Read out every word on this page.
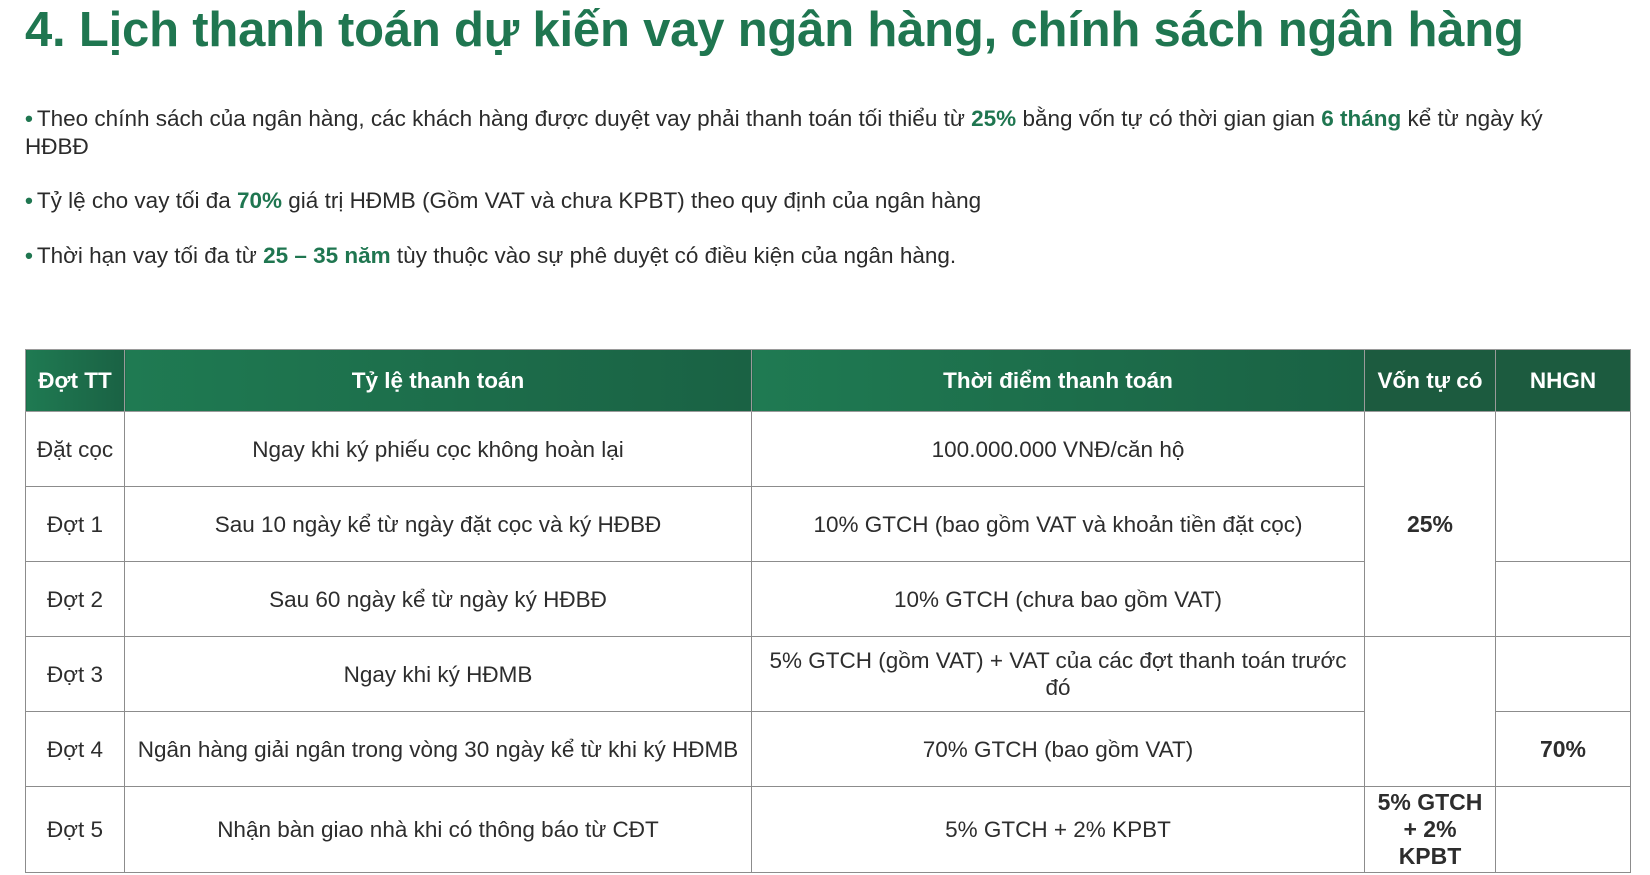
4. Lịch thanh toán dự kiến vay ngân hàng, chính sách ngân hàng

• Theo chính sách của ngân hàng, các khách hàng được duyệt vay phải thanh toán tối thiểu từ 25% bằng vốn tự có thời gian gian 6 tháng kể từ ngày ký HĐBĐ

• Tỷ lệ cho vay tối đa 70% giá trị HĐMB (Gồm VAT và chưa KPBT) theo quy định của ngân hàng

• Thời hạn vay tối đa từ 25 – 35 năm tùy thuộc vào sự phê duyệt có điều kiện của ngân hàng.

Đợt TT	Tỷ lệ thanh toán	Thời điểm thanh toán	Vốn tự có	NHGN
Đặt cọc	Ngay khi ký phiếu cọc không hoàn lại	100.000.000 VNĐ/căn hộ	25%	
Đợt 1	Sau 10 ngày kể từ ngày đặt cọc và ký HĐBĐ	10% GTCH (bao gồm VAT và khoản tiền đặt cọc)		
Đợt 2	Sau 60 ngày kể từ ngày ký HĐBĐ	10% GTCH (chưa bao gồm VAT)		
Đợt 3	Ngay khi ký HĐMB	5% GTCH (gồm VAT) + VAT của các đợt thanh toán trước đó		
Đợt 4	Ngân hàng giải ngân trong vòng 30 ngày kể từ khi ký HĐMB	70% GTCH (bao gồm VAT)		70%
Đợt 5	Nhận bàn giao nhà khi có thông báo từ CĐT	5% GTCH + 2% KPBT	5% GTCH + 2% KPBT	
